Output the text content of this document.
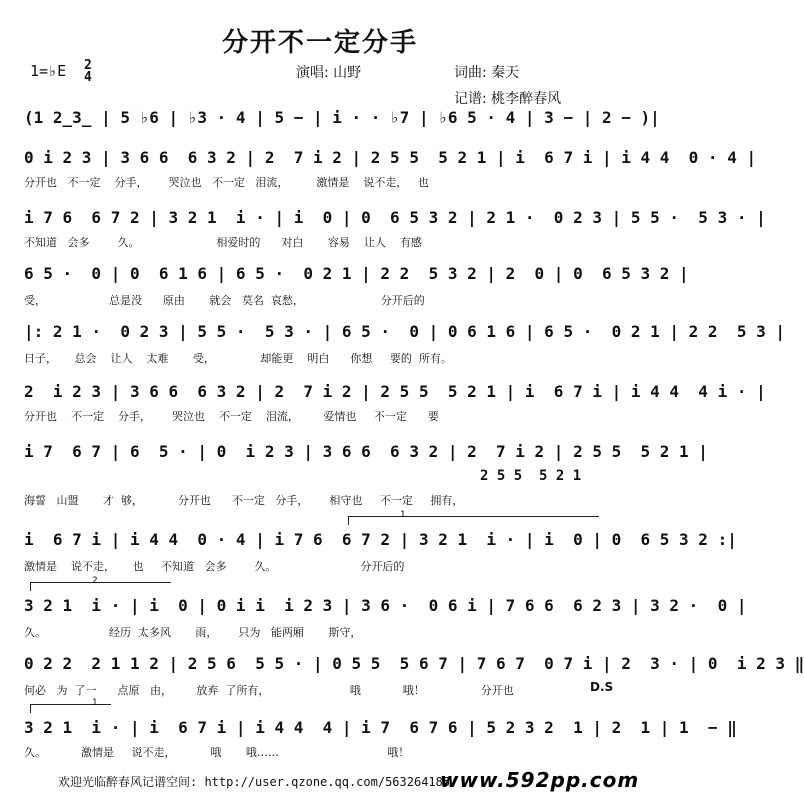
分开不一定分手
1=♭E 2
4	演唱: 山野	词曲: 秦天
记谱: 桃李醉春风
(1 2̲3̲ | 5 ♭6 | ♭3 · 4 | 5 − | i · · ♭7 | ♭6 5 · 4 | 3 − | 2 − )|
0 i 2 3 | 3 6 6  6 3 2 | 2  7 i 2 | 2 5 5  5 2 1 | i  6 7 i | i 4 4  0 · 4 |
分开也   不一定    分手，      哭泣也   不一定   泪流，        激情是    说不走，   也
i 7 6  6 7 2 | 3 2 1  i · | i  0 | 0  6 5 3 2 | 2 1 ·  0 2 3 | 5 5 ·  5 3 · |
不知道   会多        久。                      相爱时的      对白       容易    让人    有感
6 5 ·  0 | 0  6 1 6 | 6 5 ·  0 2 1 | 2 2  5 3 2 | 2  0 | 0  6 5 3 2 |
受，                  总是没      原由       就会   莫名  哀愁，                      分开后的
|: 2 1 ·  0 2 3 | 5 5 ·  5 3 · | 6 5 ·  0 | 0 6 1 6 | 6 5 ·  0 2 1 | 2 2  5 3 |
日子，     总会    让人    太难       受，             却能更    明白      你想     要的  所有。
2  i 2 3 | 3 6 6  6 3 2 | 2  7 i 2 | 2 5 5  5 2 1 | i  6 7 i | i 4 4  4 i · |
分开也    不一定    分手，      哭泣也    不一定    泪流，       爱情也     不一定      要
i 7  6 7 | 6  5 · | 0  i 2 3 | 3 6 6  6 3 2 | 2  7 i 2 | 2 5 5  5 2 1 |
2 5 5  5 2 1
海誓   山盟       才  够，          分开也      不一定   分手，      相守也     不一定     拥有，
1
i  6 7 i | i 4 4  0 · 4 | i 7 6  6 7 2 | 3 2 1  i · | i  0 | 0  6 5 3 2 :|
激情是    说不走，     也     不知道   会多        久。                        分开后的
2
3 2 1  i · | i  0 | 0 i i  i 2 3 | 3 6 ·  0 6 i | 7 6 6  6 2 3 | 3 2 ·  0 |
久。                  经历  太多风       雨，      只为   能两厢       斯守，
0 2 2  2 1 1 2 | 2 5 6  5 5 · | 0 5 5  5 6 7 | 7 6 7  0 7 i | 2  3 · | 0  i 2 3 ‖
何必   为  了一      点原   由，       放弃  了所有，                       哦            哦！                分开也	D.S
1
3 2 1  i · | i  6 7 i | i 4 4  4 | i 7  6 7 6 | 5 2 3 2  1 | 2  1 | 1  − ‖
久。          激情是     说不走，          哦       哦……                               哦！
欢迎光临醉春风记谱空间: http://user.qzone.qq.com/563264185
www.592pp.com
